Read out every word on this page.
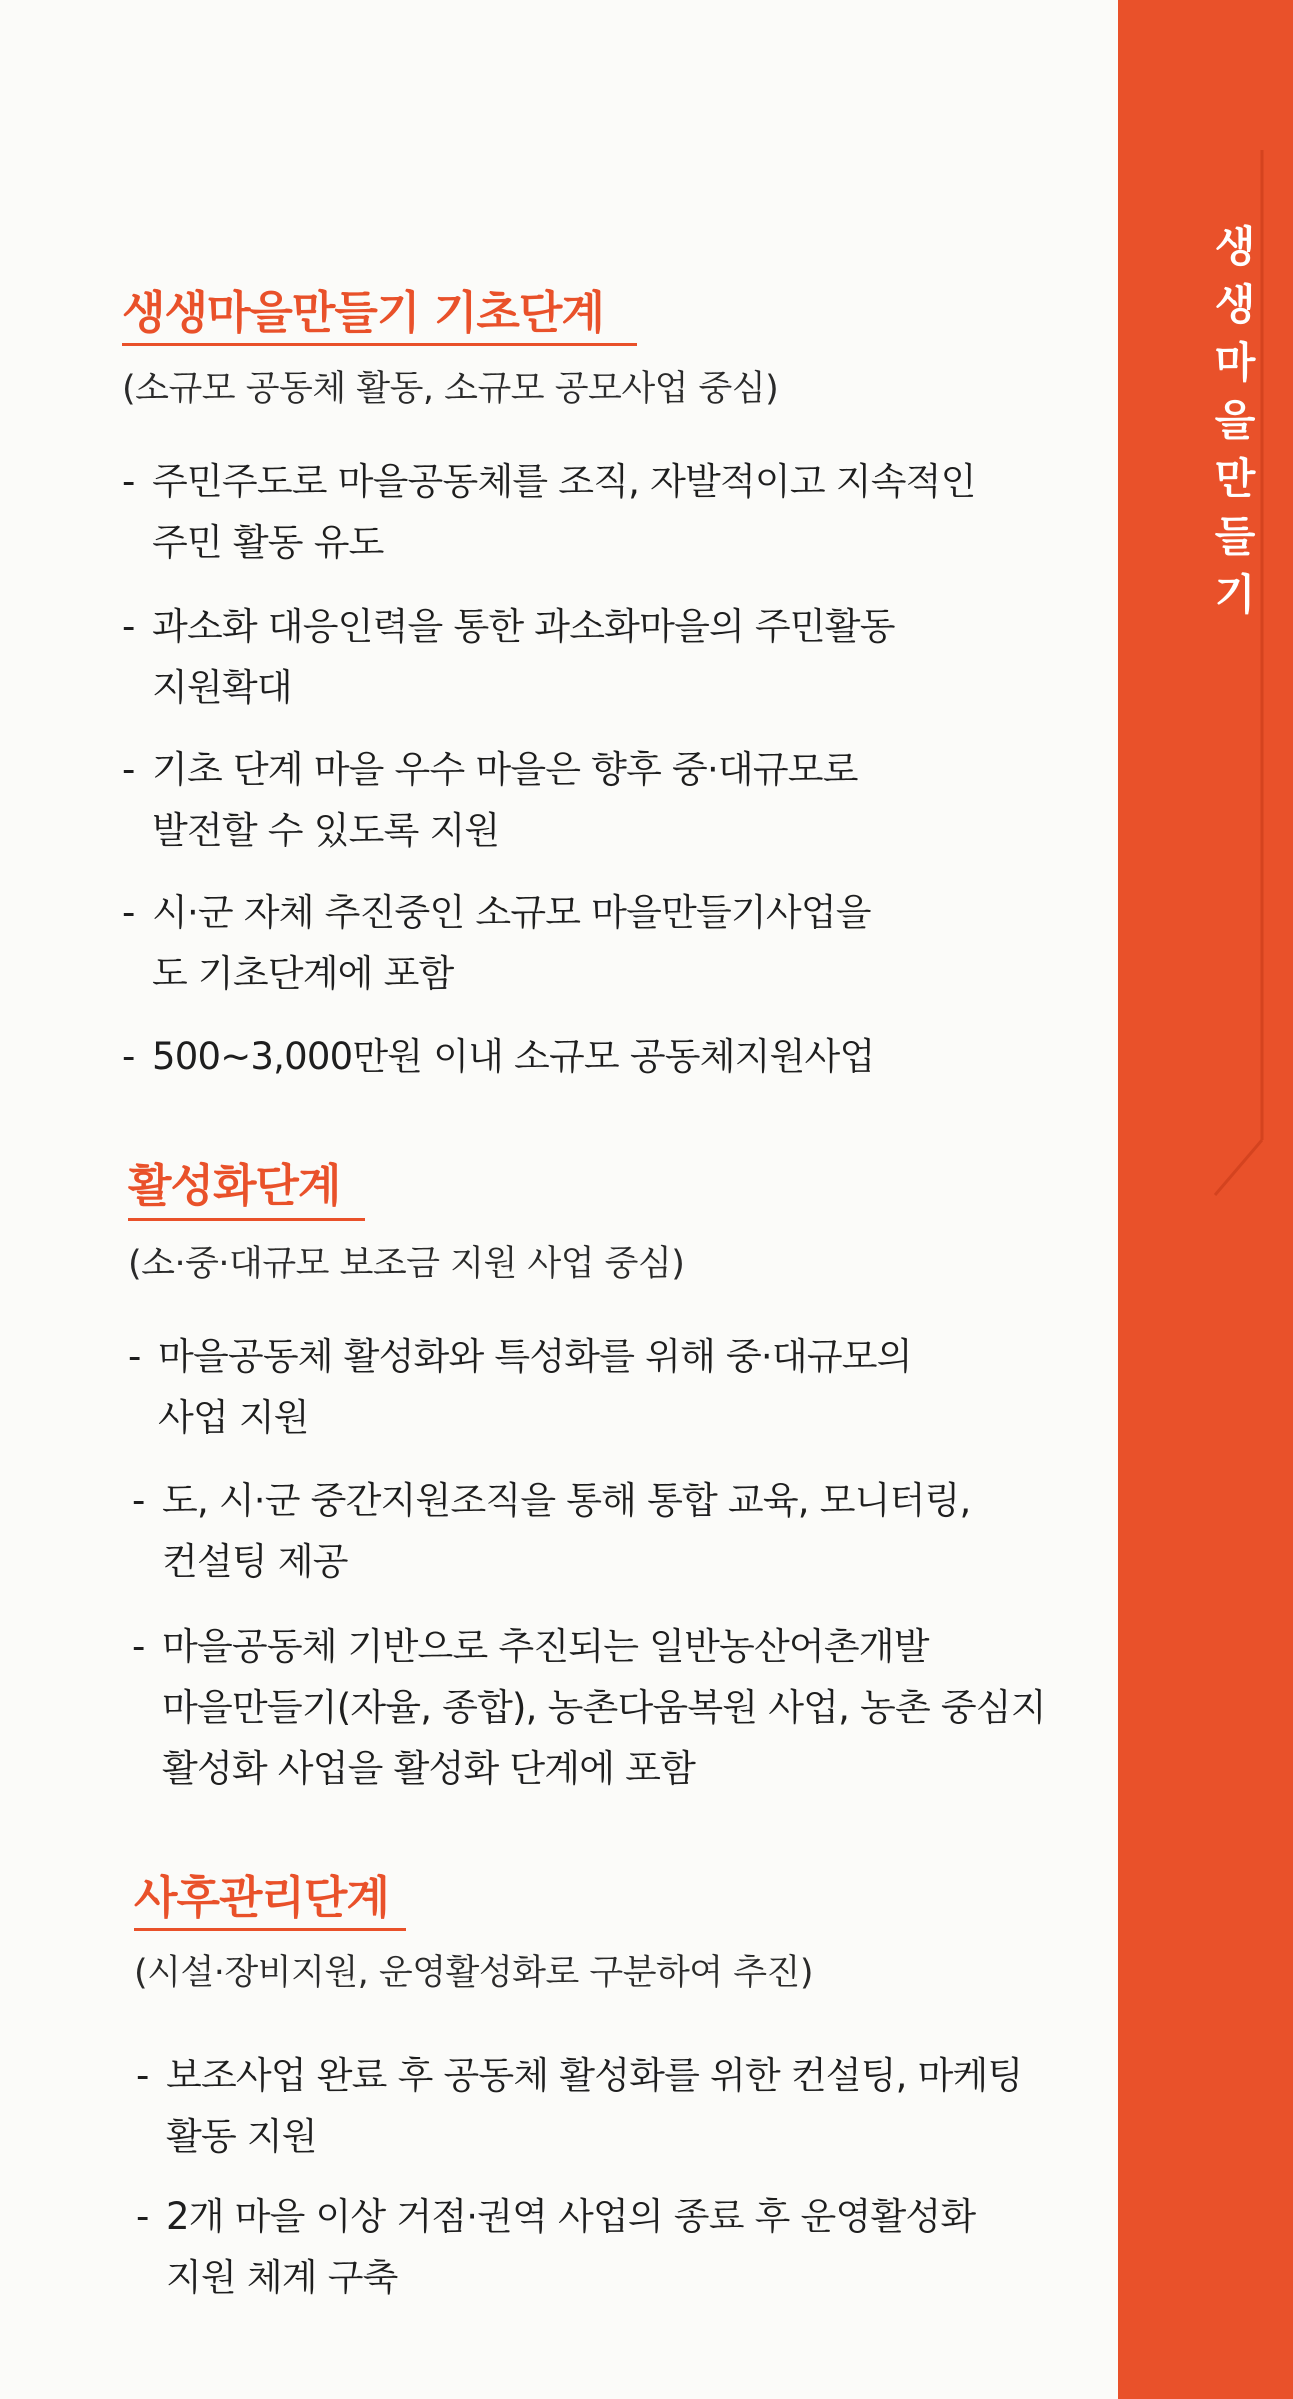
생
생
마
을
만
들
기
생생마을만들기 기초단계

(소규모 공동체 활동, 소규모 공모사업 중심)

- 주민주도로 마을공동체를 조직, 자발적이고 지속적인
주민 활동 유도
- 과소화 대응인력을 통한 과소화마을의 주민활동
지원확대
- 기초 단계 마을 우수 마을은 향후 중·대규모로
발전할 수 있도록 지원
- 시·군 자체 추진중인 소규모 마을만들기사업을
도 기초단계에 포함
- 500~3,000만원 이내 소규모 공동체지원사업
활성화단계

(소·중·대규모 보조금 지원 사업 중심)

- 마을공동체 활성화와 특성화를 위해 중·대규모의
사업 지원
- 도, 시·군 중간지원조직을 통해 통합 교육, 모니터링,
컨설팅 제공
- 마을공동체 기반으로 추진되는 일반농산어촌개발
마을만들기(자율, 종합), 농촌다움복원 사업, 농촌 중심지
활성화 사업을 활성화 단계에 포함
사후관리단계

(시설·장비지원, 운영활성화로 구분하여 추진)

- 보조사업 완료 후 공동체 활성화를 위한 컨설팅, 마케팅
활동 지원
- 2개 마을 이상 거점·권역 사업의 종료 후 운영활성화
지원 체계 구축
